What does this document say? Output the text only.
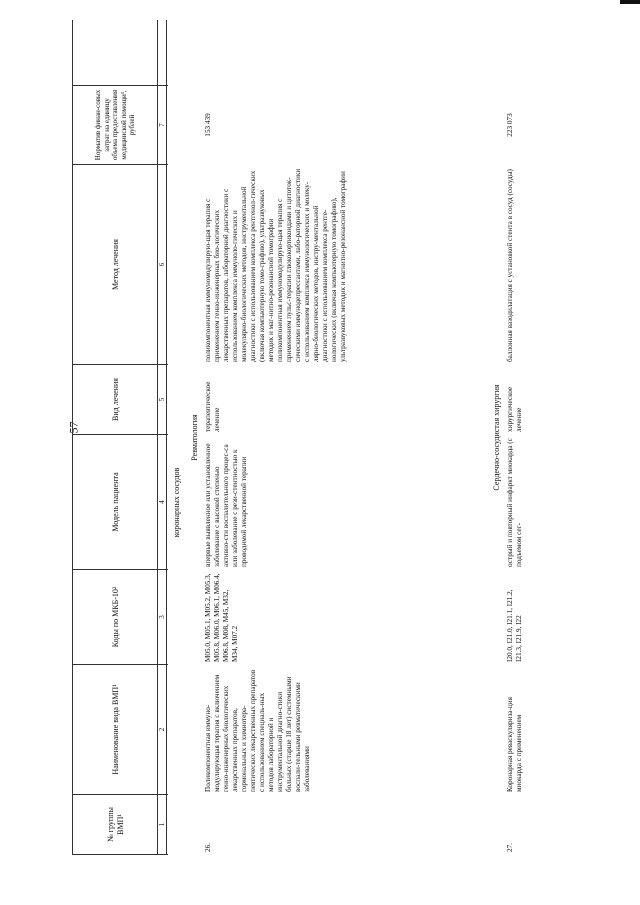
57
№ группы ВМП¹
Наименование вида ВМП¹
Коды по МКБ-10²
Модель пациента
Вид лечения
Метод лечения
Норматив финан-совых затрат на единицу объема предоставления медицинской помощи³, рублей
1
2
3
4
5
6
7
коронарных сосудов
Ревматология
26.
Поликомпонентная иммуно-модулирующая терапия с включением генно-инженерных биологических лекарственных препаратов, гормональных и химиотера-певтических лекарственных препаратов с использованием специаль-ных методов лабораторной и инструментальной диагно-стики больных (старше 18 лет) системными воспали-тельными ревматическими заболеваниями
M05.0, M05.1, M05.2, M05.3, M05.8, M06.0, M06.1, M06.4, M06.8, M08, M45, M32, M34, M07.2
впервые выявленное или установленное заболевание с высокой степенью активно-сти воспалительного процес-са или заболевание с рези-стентностью к проводимой лекарственной терапии
терапевтическое лечение
поликомпонентная иммуномодулирую-щая терапия с применением генно-инженерных био-логических лекарственных препаратов, лабораторной диагностики с использованием комплекса иммуноло-гических и молекулярно-биологических методов, инструментальной диагностики с использованием комплекса рентгенол-гических (включая компьютерную томо-графию), ультразвуковых методик и маг-нитно-резонансной томографии поликомпонентная иммуномодулирую-щая терапия с применением пульс-терапии глюкокортикоидами и цитоток-сическими иммунодепрессантами, лабо-раторной диагностики с использованием комплекса иммунологических и молеку-лярно-биологических методов, инстру-ментальной диагностики с использованием комплекса рентге-нологических (включая компьютерную томографию), ультразвуковых методик и магнитно-резонансной томографии
153 439
Сердечно-сосудистая хирургия
27.
Коронарная реваскуляриза-ция миокарда с применением
I20.0, I21.0, I21.1, I21.2, I21.3, I21.9, I22
острый и повторный инфаркт миокарда (с подъемом сег-
хирургическое лечение
баллонная вазодилатация с установкой стента в сосуд (сосуды)
223 073
